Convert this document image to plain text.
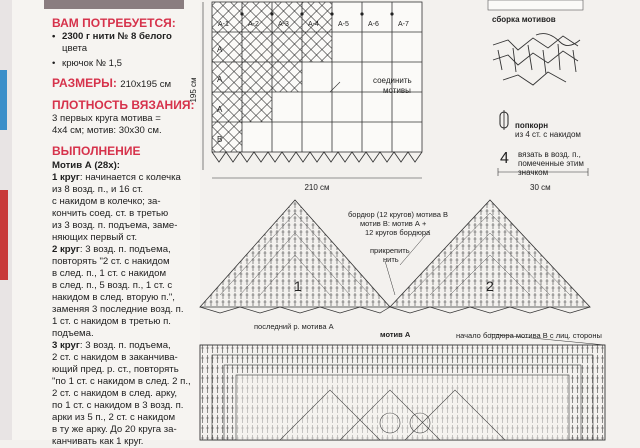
ВАМ ПОТРЕБУЕТСЯ:
• 2300 г нити № 8 белого
цвета
• крючок № 1,5
РАЗМЕРЫ: 210х195 см
ПЛОТНОСТЬ ВЯЗАНИЯ:
3 первых круга мотива =
4х4 см; мотив: 30х30 см.
ВЫПОЛНЕНИЕ
Мотив А (28х):
1 круг: начинается с колечка
из 8 возд. п., и 16 ст.
с накидом в колечко; за-
кончить соед. ст. в третью
из 3 возд. п. подъема, заме-
няющих первый ст.
2 круг: 3 возд. п. подъема,
повторять "2 ст. с накидом
в след. п., 1 ст. с накидом
в след. п., 5 возд. п., 1 ст. с
накидом в след. вторую п.",
заменяя 3 последние возд. п.
1 ст. с накидом в третью п.
подъема.
3 круг: 3 возд. п. подъема,
2 ст. с накидом в заканчива-
ющий пред. р. ст., повторять
"по 1 ст. с накидом в след. 2 п.,
2 ст. с накидом в след. арку,
по 1 ст. с накидом в 3 возд. п.
арки из 5 п., 2 ст. с накидом
в ту же арку. До 20 круга за-
канчивать как 1 круг.
195 см
210 см
A-1	A-2	A-3	A-4	A-5	A-6	A-7
A
A
A
B
соединить
мотивы
сборка мотивов
попкорн
из 4 ст. с накидом
4 вязать в возд. п.,
помеченные этим
значком
30 см
бордюр (12 кругов) мотива B
мотив B: мотив А +
12 кругов бордюра
прикрепить
нить
последний р. мотива А
мотив А	начало бордюра мотива В с лиц. стороны
1	2
